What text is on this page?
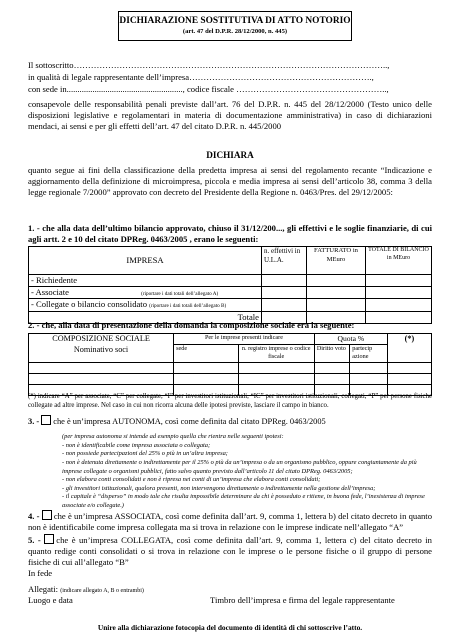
DICHIARAZIONE SOSTITUTIVA DI ATTO NOTORIO
(art. 47 del D.P.R. 28/12/2000, n. 445)
Il sottoscritto………………………………………………………………………………………………..,
in qualità di legale rappresentante dell’impresa……………………………………………………….,
con sede in......................................................, codice fiscale ……………………………………………..,
consapevole delle responsabilità penali previste dall’art. 76 del D.P.R. n. 445 del 28/12/2000 (Testo unico delle disposizioni legislative e regolamentari in materia di documentazione amministrativa) in caso di dichiarazioni mendaci, ai sensi e per gli effetti dell’art. 47 del citato D.P.R. n. 445/2000
DICHIARA
quanto segue ai fini della classificazione della predetta impresa ai sensi del regolamento recante “Indicazione e aggiornamento della definizione di microimpresa, piccola e media impresa ai sensi dell’articolo 38, comma 3 della legge regionale 7/2000” approvato con decreto del Presidente della Regione n. 0463/Pres. del 29/12/2005:
1. - che alla data dell’ultimo bilancio approvato, chiuso il 31/12/200..., gli effettivi e le soglie finanziarie, di cui agli artt. 2 e 10 del citato DPReg. 0463/2005 , erano le seguenti:
IMPRESA	n. effettivi in U.L.A.	FATTURATO in MEuro	TOTALE DI BILANCIO in MEuro
- Richiedente			
- Associate (riportare i dati totali dell’allegato A)			
- Collegate o bilancio consolidato (riportare i dati totali dell’allegato B)			
Totale			
2. - che, alla data di presentazione della domanda la composizione sociale era la seguente:
COMPOSIZIONE SOCIALE
Nominativo soci	Per le imprese presenti indicare		Quota %		(*)
	sede	n. registro imprese o codice fiscale	Diritto voto	partecip azione	

(*) indicare “A” per associate, “C” per collegate, “I” per investitori istituzionali, “IC” per investitori istituzionali, collegati, “P” per persone fisiche collegate ad altre imprese. Nel caso in cui non ricorra alcuna delle ipotesi previste, lasciare il campo in bianco.
3. - che è un’impresa AUTONOMA, così come definita dal citato DPReg. 0463/2005
(per impresa autonoma si intende ad esempio quella che rientra nelle seguenti ipotesi:
- non è identificabile come impresa associata o collegata;
- non possiede partecipazioni del 25% o più in un’altra impresa;
- non è detenuta direttamente o indirettamente per il 25% o più da un’impresa o da un organismo pubblico, oppure congiuntamente da più imprese collegate o organismi pubblici, fatto salvo quanto previsto dall’articolo 11 del citato DPReg. 0463/2005;
- non elabora conti consolidati e non è ripresa nei conti di un’impresa che elabora conti consolidati;
- gli investitori istituzionali, qualora presenti, non intervengono direttamente o indirettamente nella gestione dell’impresa;
- il capitale è “disperso” in modo tale che risulta impossibile determinare da chi è posseduto e ritiene, in buona fede, l’inesistenza di imprese associate e/o collegate.)
4. - che è un’impresa ASSOCIATA, così come definita dall’art. 9, comma 1, lettera b) del citato decreto in quanto non è identificabile come impresa collegata ma si trova in relazione con le imprese indicate nell’allegato “A”
5. - che è un’impresa COLLEGATA, così come definita dall’art. 9, comma 1, lettera c) del citato decreto in quanto redige conti consolidati o si trova in relazione con le imprese o le persone fisiche o il gruppo di persone fisiche di cui all’allegato “B”
In fede
Allegati: (indicare allegato A, B o entrambi)
Luogo e data	Timbro dell’impresa e firma del legale rappresentante
Unire alla dichiarazione fotocopia del documento di identità di chi sottoscrive l’atto.
